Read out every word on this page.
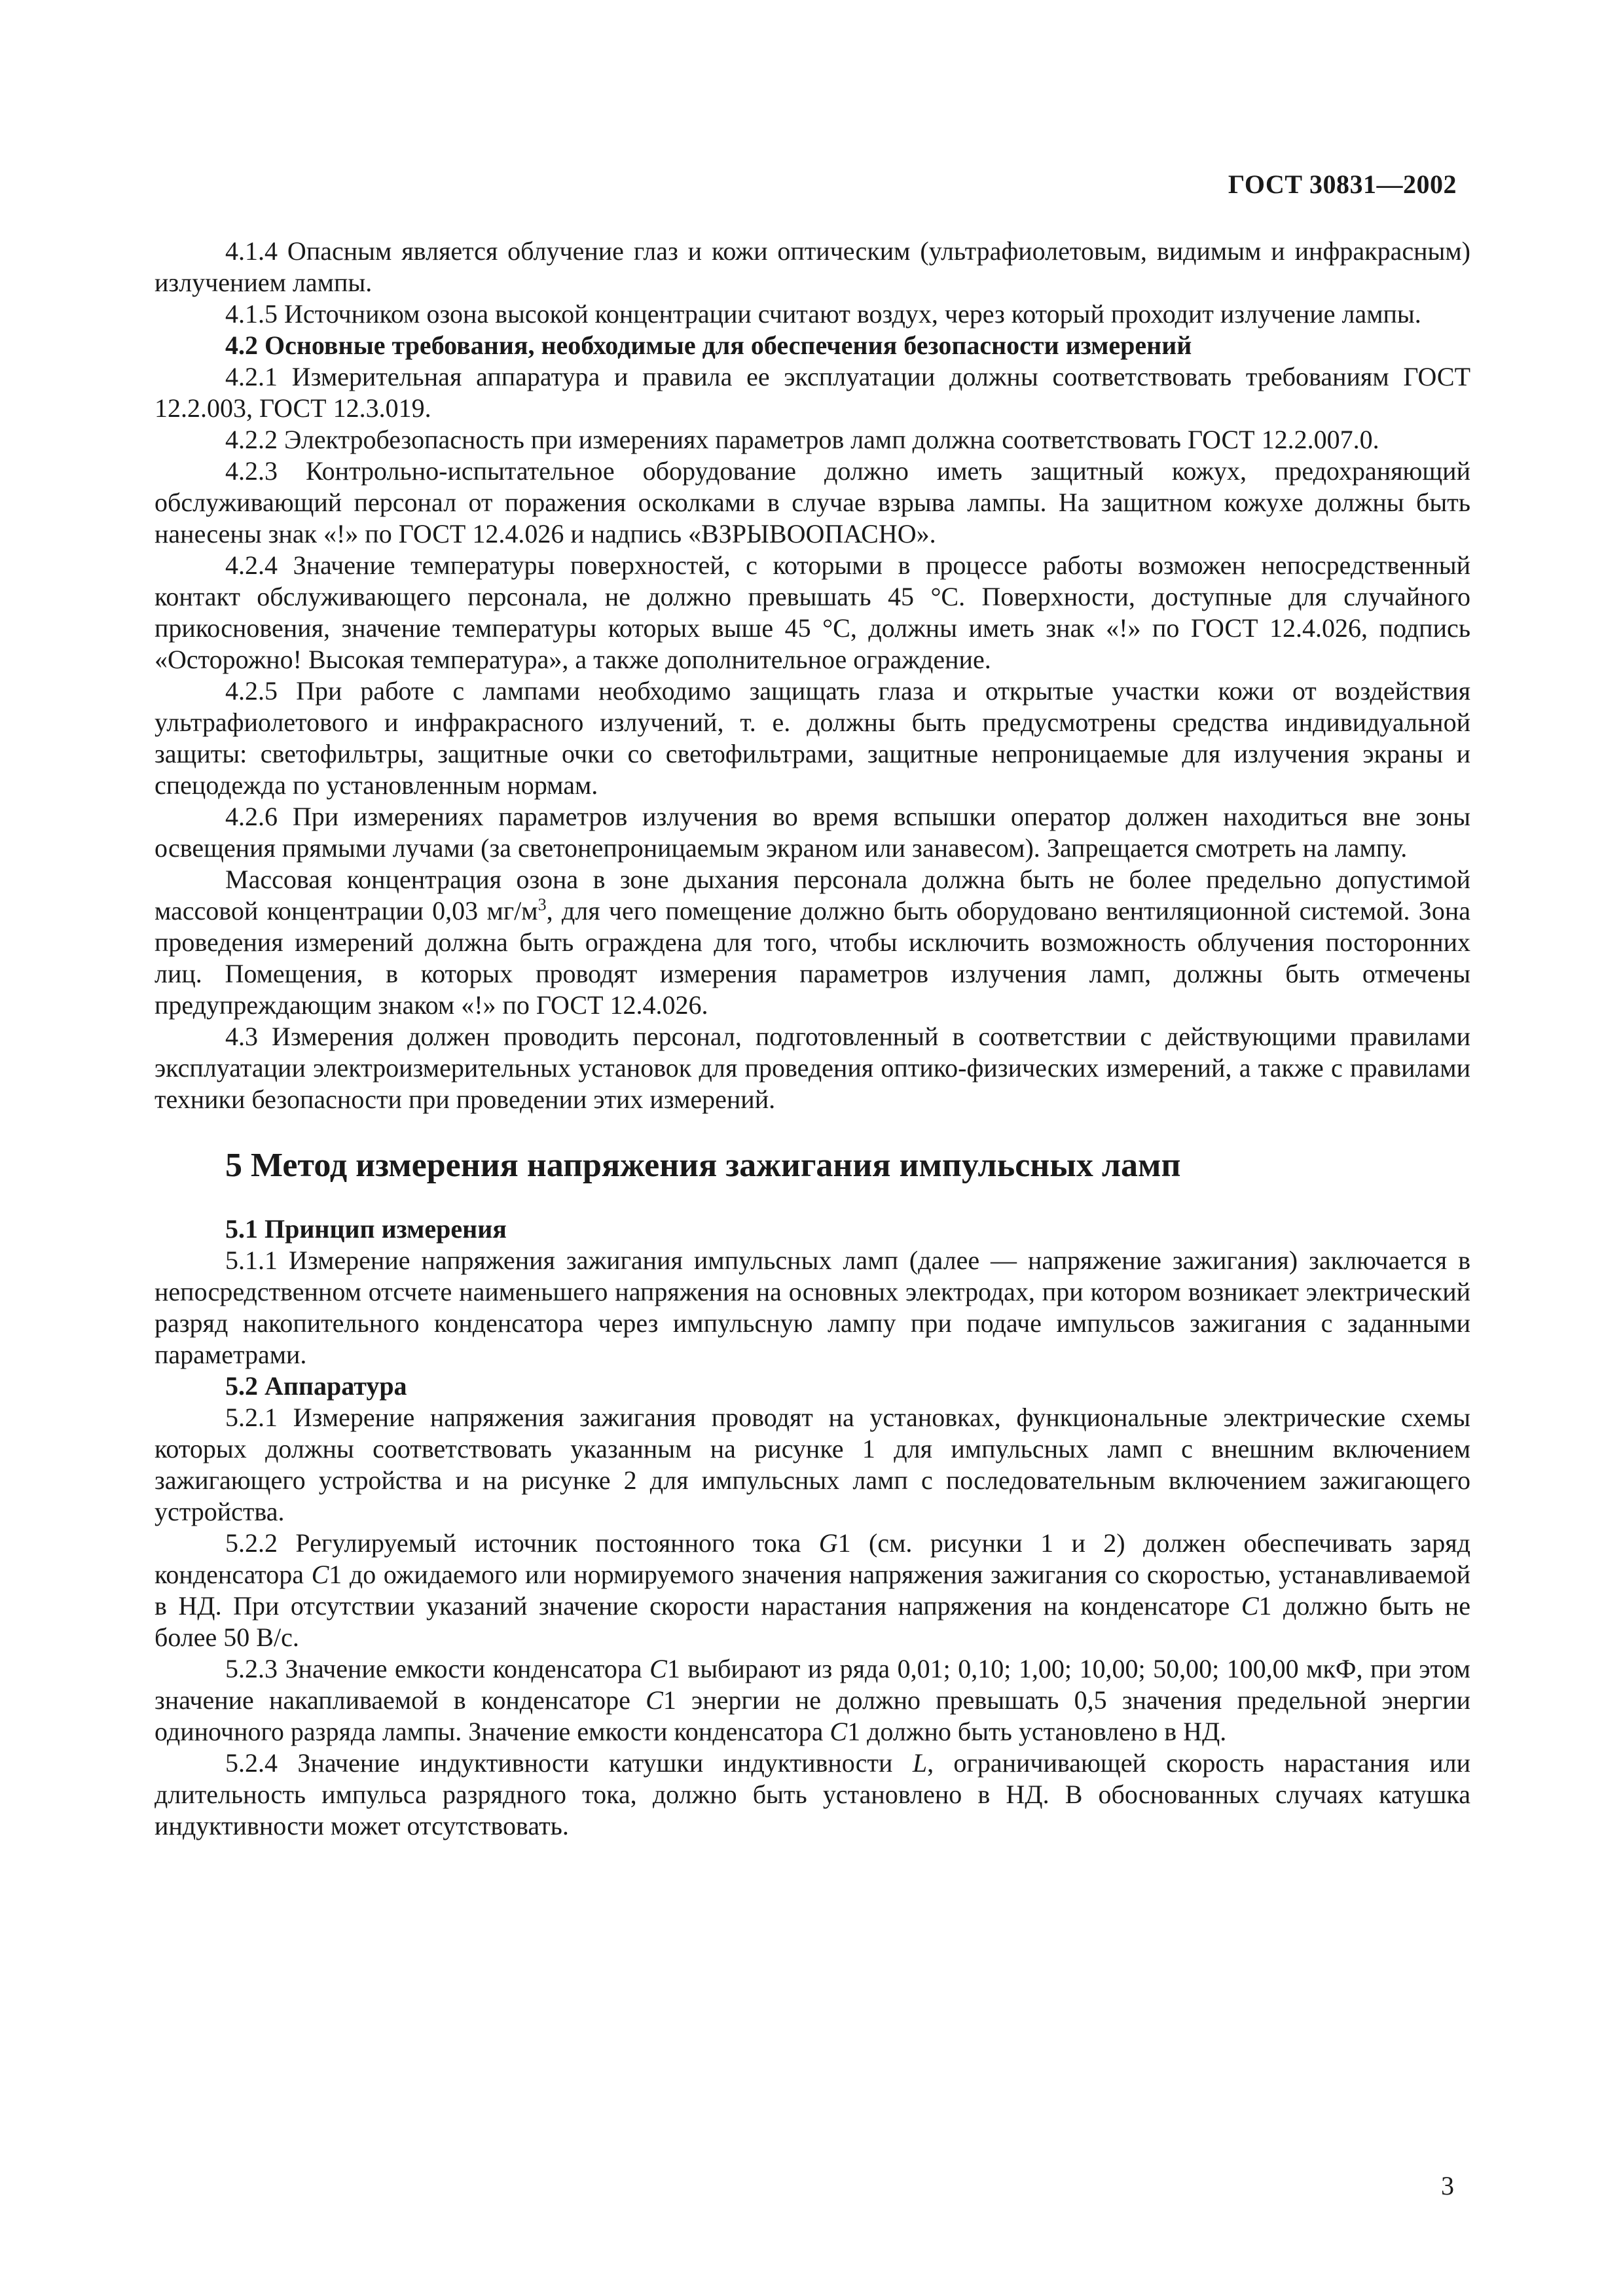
ГОСТ 30831—2002

4.1.4 Опасным является облучение глаз и кожи оптическим (ультрафиолетовым, видимым и инфракрасным) излучением лампы.

4.1.5 Источником озона высокой концентрации считают воздух, через который проходит излучение лампы.

4.2 Основные требования, необходимые для обеспечения безопасности измерений

4.2.1 Измерительная аппаратура и правила ее эксплуатации должны соответствовать требованиям ГОСТ 12.2.003, ГОСТ 12.3.019.

4.2.2 Электробезопасность при измерениях параметров ламп должна соответствовать ГОСТ 12.2.007.0.

4.2.3 Контрольно-испытательное оборудование должно иметь защитный кожух, предохраняющий обслуживающий персонал от поражения осколками в случае взрыва лампы. На защитном кожухе должны быть нанесены знак «!» по ГОСТ 12.4.026 и надпись «ВЗРЫВООПАСНО».

4.2.4 Значение температуры поверхностей, с которыми в процессе работы возможен непосредственный контакт обслуживающего персонала, не должно превышать 45 °С. Поверхности, доступные для случайного прикосновения, значение температуры которых выше 45 °С, должны иметь знак «!» по ГОСТ 12.4.026, подпись «Осторожно! Высокая температура», а также дополнительное ограждение.

4.2.5 При работе с лампами необходимо защищать глаза и открытые участки кожи от воздействия ультрафиолетового и инфракрасного излучений, т. е. должны быть предусмотрены средства индивидуальной защиты: светофильтры, защитные очки со светофильтрами, защитные непроницаемые для излучения экраны и спецодежда по установленным нормам.

4.2.6 При измерениях параметров излучения во время вспышки оператор должен находиться вне зоны освещения прямыми лучами (за светонепроницаемым экраном или занавесом). Запрещается смотреть на лампу.

Массовая концентрация озона в зоне дыхания персонала должна быть не более предельно допустимой массовой концентрации 0,03 $мг/м^3$, для чего помещение должно быть оборудовано вентиляционной системой. Зона проведения измерений должна быть ограждена для того, чтобы исключить возможность облучения посторонних лиц. Помещения, в которых проводят измерения параметров излучения ламп, должны быть отмечены предупреждающим знаком «!» по ГОСТ 12.4.026.

4.3 Измерения должен проводить персонал, подготовленный в соответствии с действующими правилами эксплуатации электроизмерительных установок для проведения оптико-физических измерений, а также с правилами техники безопасности при проведении этих измерений.

5 Метод измерения напряжения зажигания импульсных ламп
5.1 Принцип измерения

5.1.1 Измерение напряжения зажигания импульсных ламп (далее — напряжение зажигания) заключается в непосредственном отсчете наименьшего напряжения на основных электродах, при котором возникает электрический разряд накопительного конденсатора через импульсную лампу при подаче импульсов зажигания с заданными параметрами.

5.2 Аппаратура

5.2.1 Измерение напряжения зажигания проводят на установках, функциональные электрические схемы которых должны соответствовать указанным на рисунке 1 для импульсных ламп с внешним включением зажигающего устройства и на рисунке 2 для импульсных ламп с последовательным включением зажигающего устройства.

5.2.2 Регулируемый источник постоянного тока G1 (см. рисунки 1 и 2) должен обеспечивать заряд конденсатора C1 до ожидаемого или нормируемого значения напряжения зажигания со скоростью, устанавливаемой в НД. При отсутствии указаний значение скорости нарастания напряжения на конденсаторе C1 должно быть не более 50 В/с.

5.2.3 Значение емкости конденсатора C1 выбирают из ряда 0,01; 0,10; 1,00; 10,00; 50,00; 100,00 мкФ, при этом значение накапливаемой в конденсаторе C1 энергии не должно превышать 0,5 значения предельной энергии одиночного разряда лампы. Значение емкости конденсатора C1 должно быть установлено в НД.

5.2.4 Значение индуктивности катушки индуктивности L, ограничивающей скорость нарастания или длительность импульса разрядного тока, должно быть установлено в НД. В обоснованных случаях катушка индуктивности может отсутствовать.

3
